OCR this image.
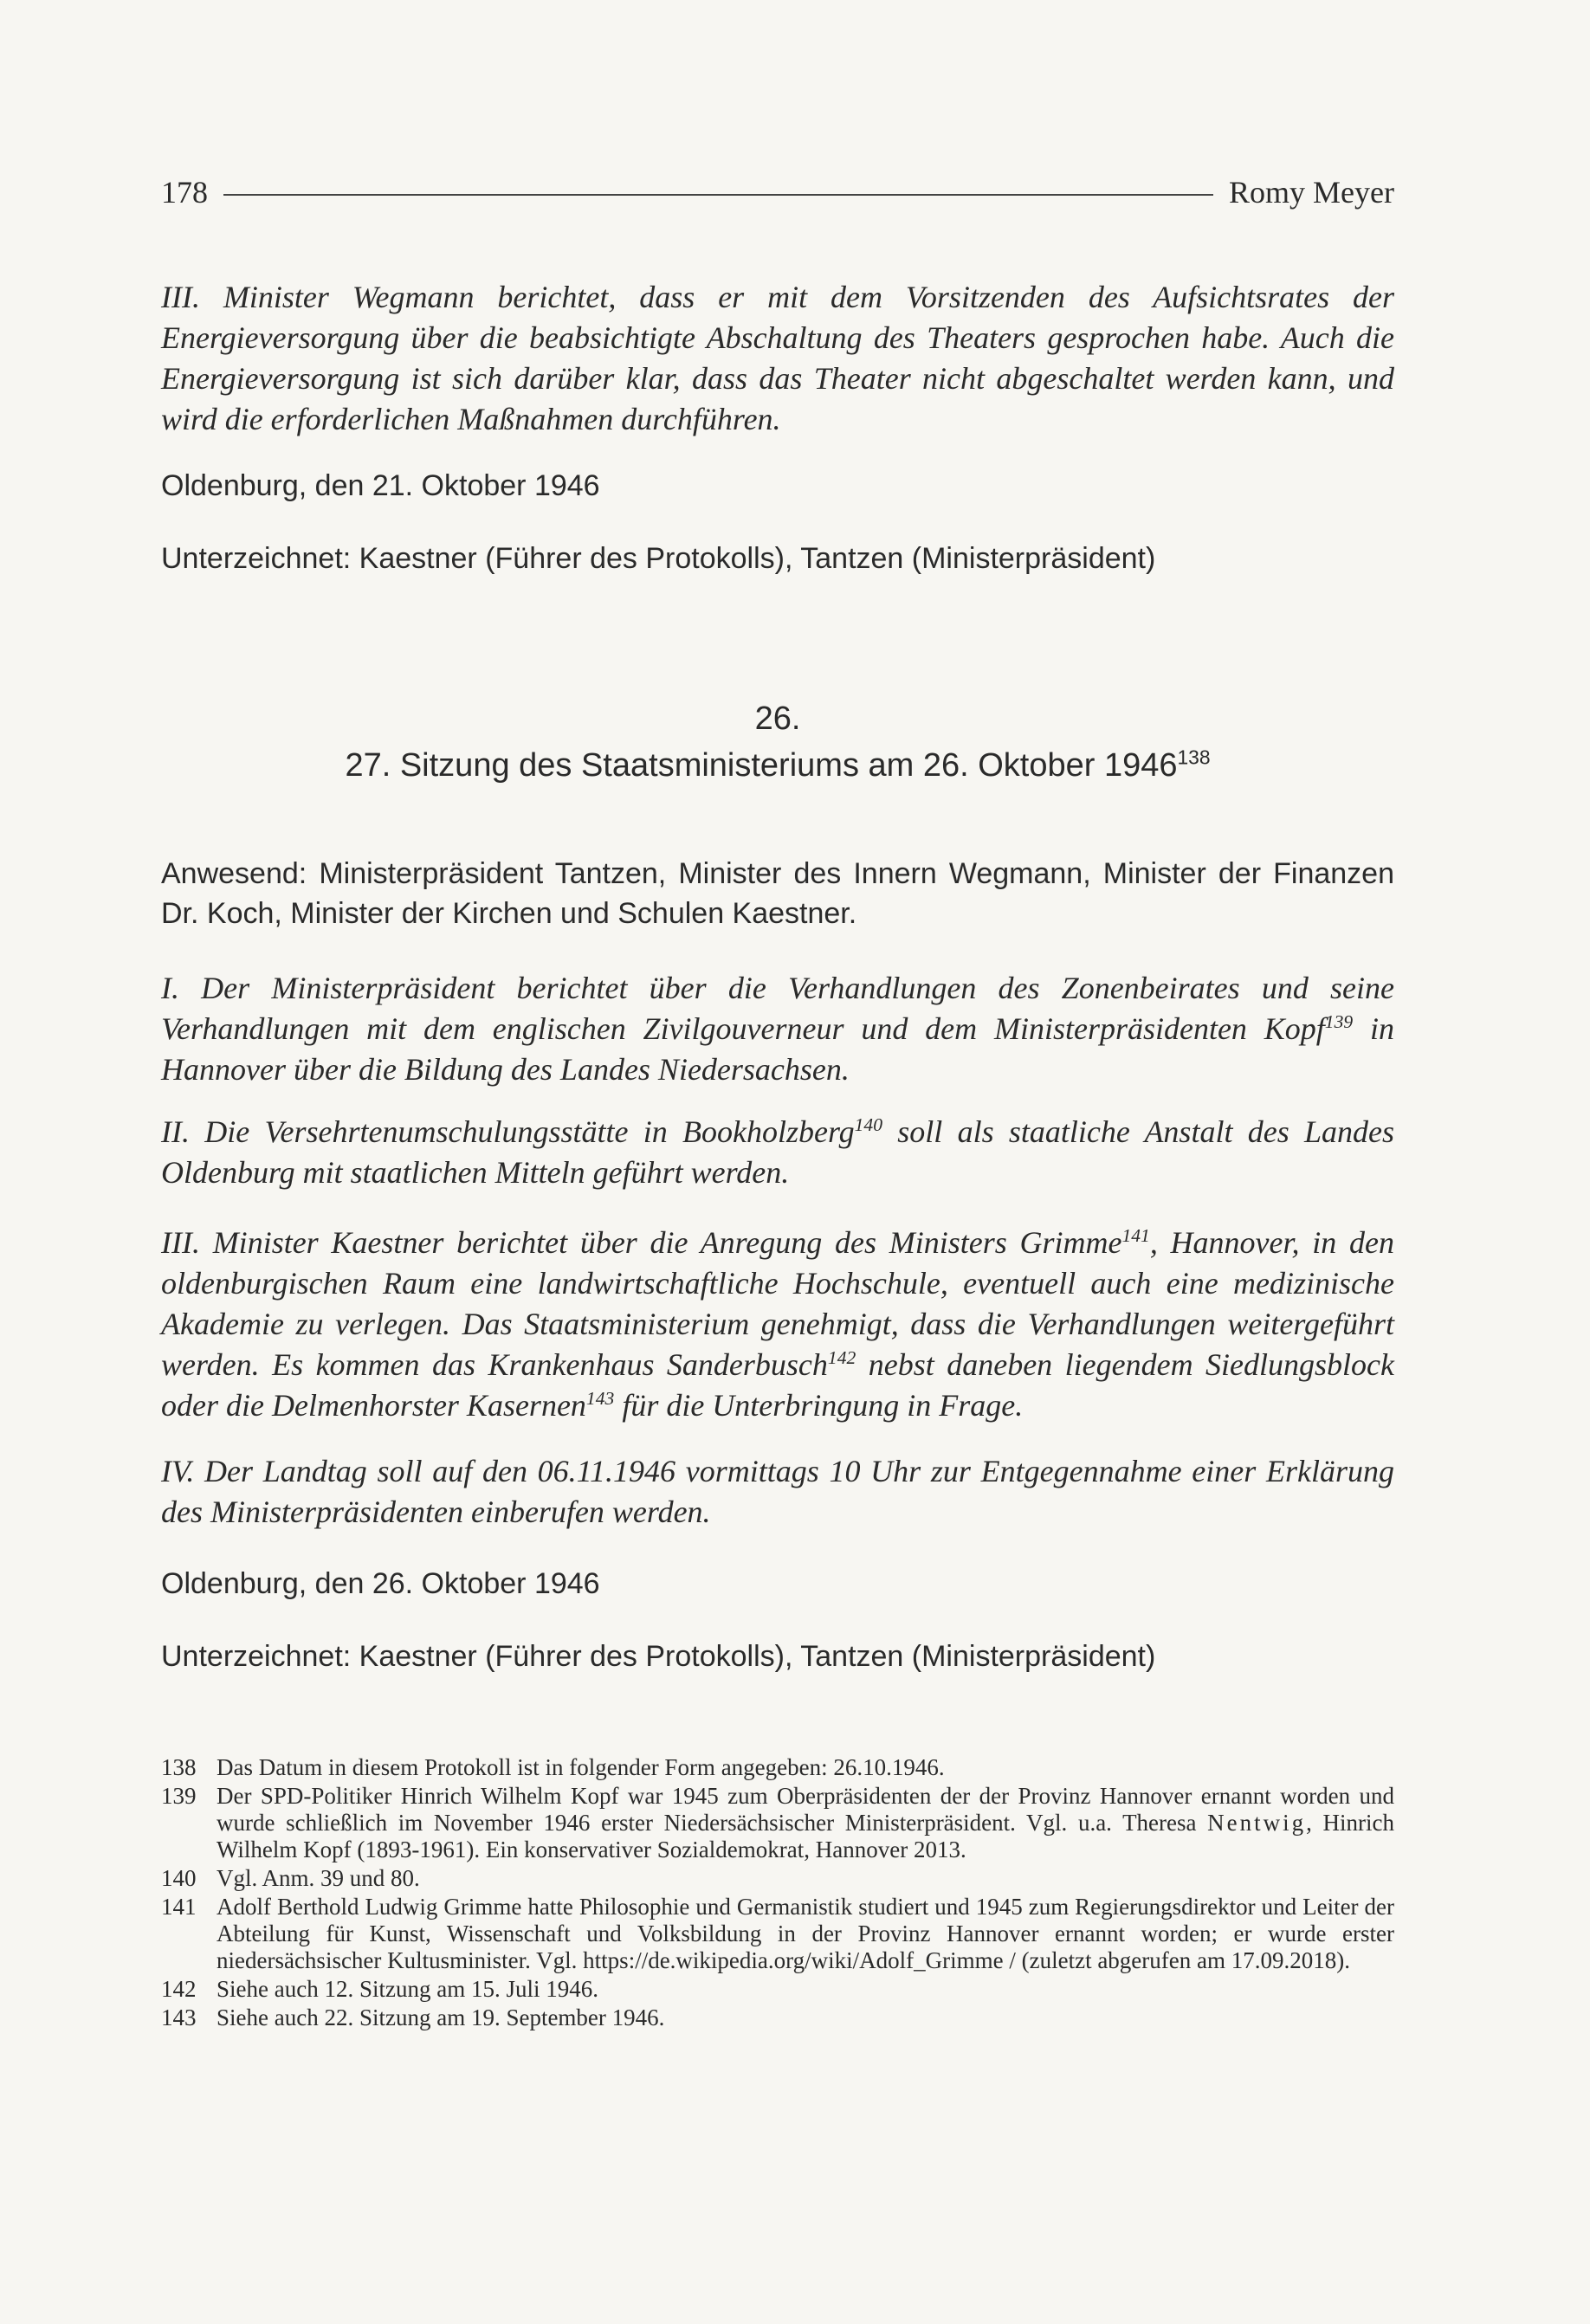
178	Romy Meyer

III. Minister Wegmann berichtet, dass er mit dem Vorsitzenden des Aufsichtsrates der Energieversorgung über die beabsichtigte Abschaltung des Theaters gesprochen habe. Auch die Energieversorgung ist sich darüber klar, dass das Theater nicht abgeschaltet werden kann, und wird die erforderlichen Maßnahmen durchführen.

Oldenburg, den 21. Oktober 1946

Unterzeichnet: Kaestner (Führer des Protokolls), Tantzen (Ministerpräsident)

26.
27. Sitzung des Staatsministeriums am 26. Oktober 1946$^{138}$

Anwesend: Ministerpräsident Tantzen, Minister des Innern Wegmann, Minister der Finanzen Dr. Koch, Minister der Kirchen und Schulen Kaestner.

I. Der Ministerpräsident berichtet über die Verhandlungen des Zonenbeirates und seine Verhandlungen mit dem englischen Zivilgouverneur und dem Ministerpräsidenten Kopf$^{139}$ in Hannover über die Bildung des Landes Niedersachsen.

II. Die Versehrtenumschulungsstätte in Bookholzberg$^{140}$ soll als staatliche Anstalt des Landes Oldenburg mit staatlichen Mitteln geführt werden.

III. Minister Kaestner berichtet über die Anregung des Ministers Grimme$^{141}$, Hannover, in den oldenburgischen Raum eine landwirtschaftliche Hochschule, eventuell auch eine medizinische Akademie zu verlegen. Das Staatsministerium genehmigt, dass die Verhandlungen weitergeführt werden. Es kommen das Krankenhaus Sanderbusch$^{142}$ nebst daneben liegendem Siedlungsblock oder die Delmenhorster Kasernen$^{143}$ für die Unterbringung in Frage.

IV. Der Landtag soll auf den 06.11.1946 vormittags 10 Uhr zur Entgegennahme einer Erklärung des Ministerpräsidenten einberufen werden.

Oldenburg, den 26. Oktober 1946

Unterzeichnet: Kaestner (Führer des Protokolls), Tantzen (Ministerpräsident)

138 Das Datum in diesem Protokoll ist in folgender Form angegeben: 26.10.1946.
139 Der SPD-Politiker Hinrich Wilhelm Kopf war 1945 zum Oberpräsidenten der der Provinz Hannover ernannt worden und wurde schließlich im November 1946 erster Niedersächsischer Ministerpräsident. Vgl. u.a. Theresa Nentwig, Hinrich Wilhelm Kopf (1893-1961). Ein konservativer Sozialdemokrat, Hannover 2013.
140 Vgl. Anm. 39 und 80.
141 Adolf Berthold Ludwig Grimme hatte Philosophie und Germanistik studiert und 1945 zum Regierungsdirektor und Leiter der Abteilung für Kunst, Wissenschaft und Volksbildung in der Provinz Hannover ernannt worden; er wurde erster niedersächsischer Kultusminister. Vgl. https://de.wikipedia.org/wiki/Adolf_Grimme / (zuletzt abgerufen am 17.09.2018).
142 Siehe auch 12. Sitzung am 15. Juli 1946.
143 Siehe auch 22. Sitzung am 19. September 1946.
